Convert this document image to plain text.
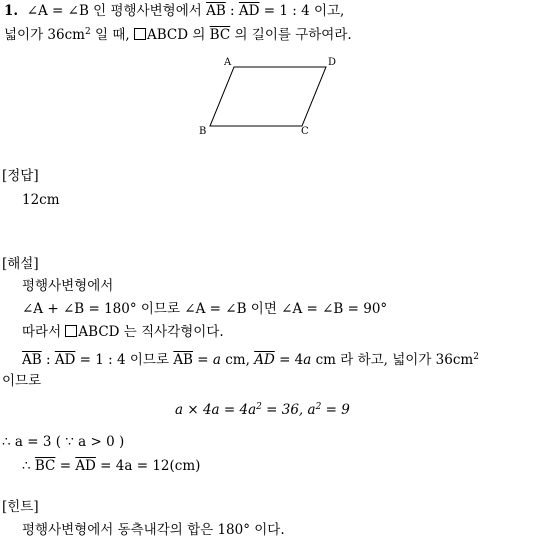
1. ∠A = ∠B 인 평행사변형에서 $\overline{AB}$ : $\overline{AD} = 1$ : 4 이고,
넓이가 $36cm^2$ 일 때, ABCD 의 $\overline{BC}$ 의 길이를 구하여라.
A	D
B	C
[정답]
12cm
[해설]
평행사변형에서
∠A + ∠B = 180° 이므로 ∠A = ∠B 이면 ∠A = ∠B = 90°
따라서 ABCD 는 직사각형이다.
$\overline{AB}$ : $\overline{AD} = 1$ : 4 이므로 $\overline{AB} = a$ cm, $\overline{AD} = 4a$ cm 라 하고, 넓이가 $36cm^2$
이므로
$a \times 4a = 4a^2 = 36$, $a^2 = 9$
∴ a = 3 ( ∵ a > 0 )
∴ $\overline{BC} = \overline{AD} = 4a = 12(cm)$
[힌트]
평행사변형에서 동측내각의 합은 180° 이다.
